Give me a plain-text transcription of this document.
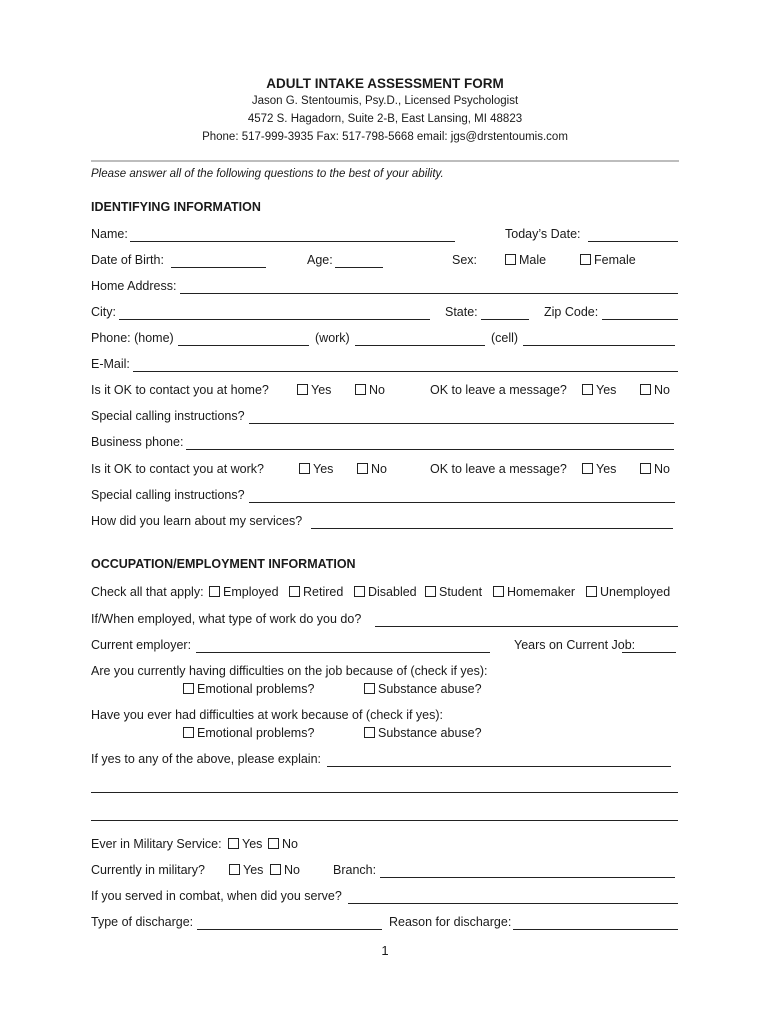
ADULT INTAKE ASSESSMENT FORM
Jason G. Stentoumis, Psy.D., Licensed Psychologist
4572 S. Hagadorn, Suite 2-B, East Lansing, MI 48823
Phone: 517-999-3935 Fax: 517-798-5668 email: jgs@drstentoumis.com
Please answer all of the following questions to the best of your ability.
IDENTIFYING INFORMATION
Name:	Today’s Date:
Date of Birth:	Age:	Sex:	Male	Female
Home Address:
City:	State:	Zip Code:
Phone: (home)	(work)	(cell)
E-Mail:
Is it OK to contact you at home?	Yes	No	OK to leave a message?	Yes	No
Special calling instructions?
Business phone:
Is it OK to contact you at work?	Yes	No	OK to leave a message?	Yes	No
Special calling instructions?
How did you learn about my services?
OCCUPATION/EMPLOYMENT INFORMATION
Check all that apply:	Employed	Retired	Disabled	Student	Homemaker	Unemployed
If/When employed, what type of work do you do?
Current employer:	Years on Current Job:
Are you currently having difficulties on the job because of (check if yes):
Emotional problems?	Substance abuse?
Have you ever had difficulties at work because of (check if yes):
Emotional problems?	Substance abuse?
If yes to any of the above, please explain:
Ever in Military Service:	Yes	No
Currently in military?	Yes	No	Branch:
If you served in combat, when did you serve?
Type of discharge:	Reason for discharge:
1
